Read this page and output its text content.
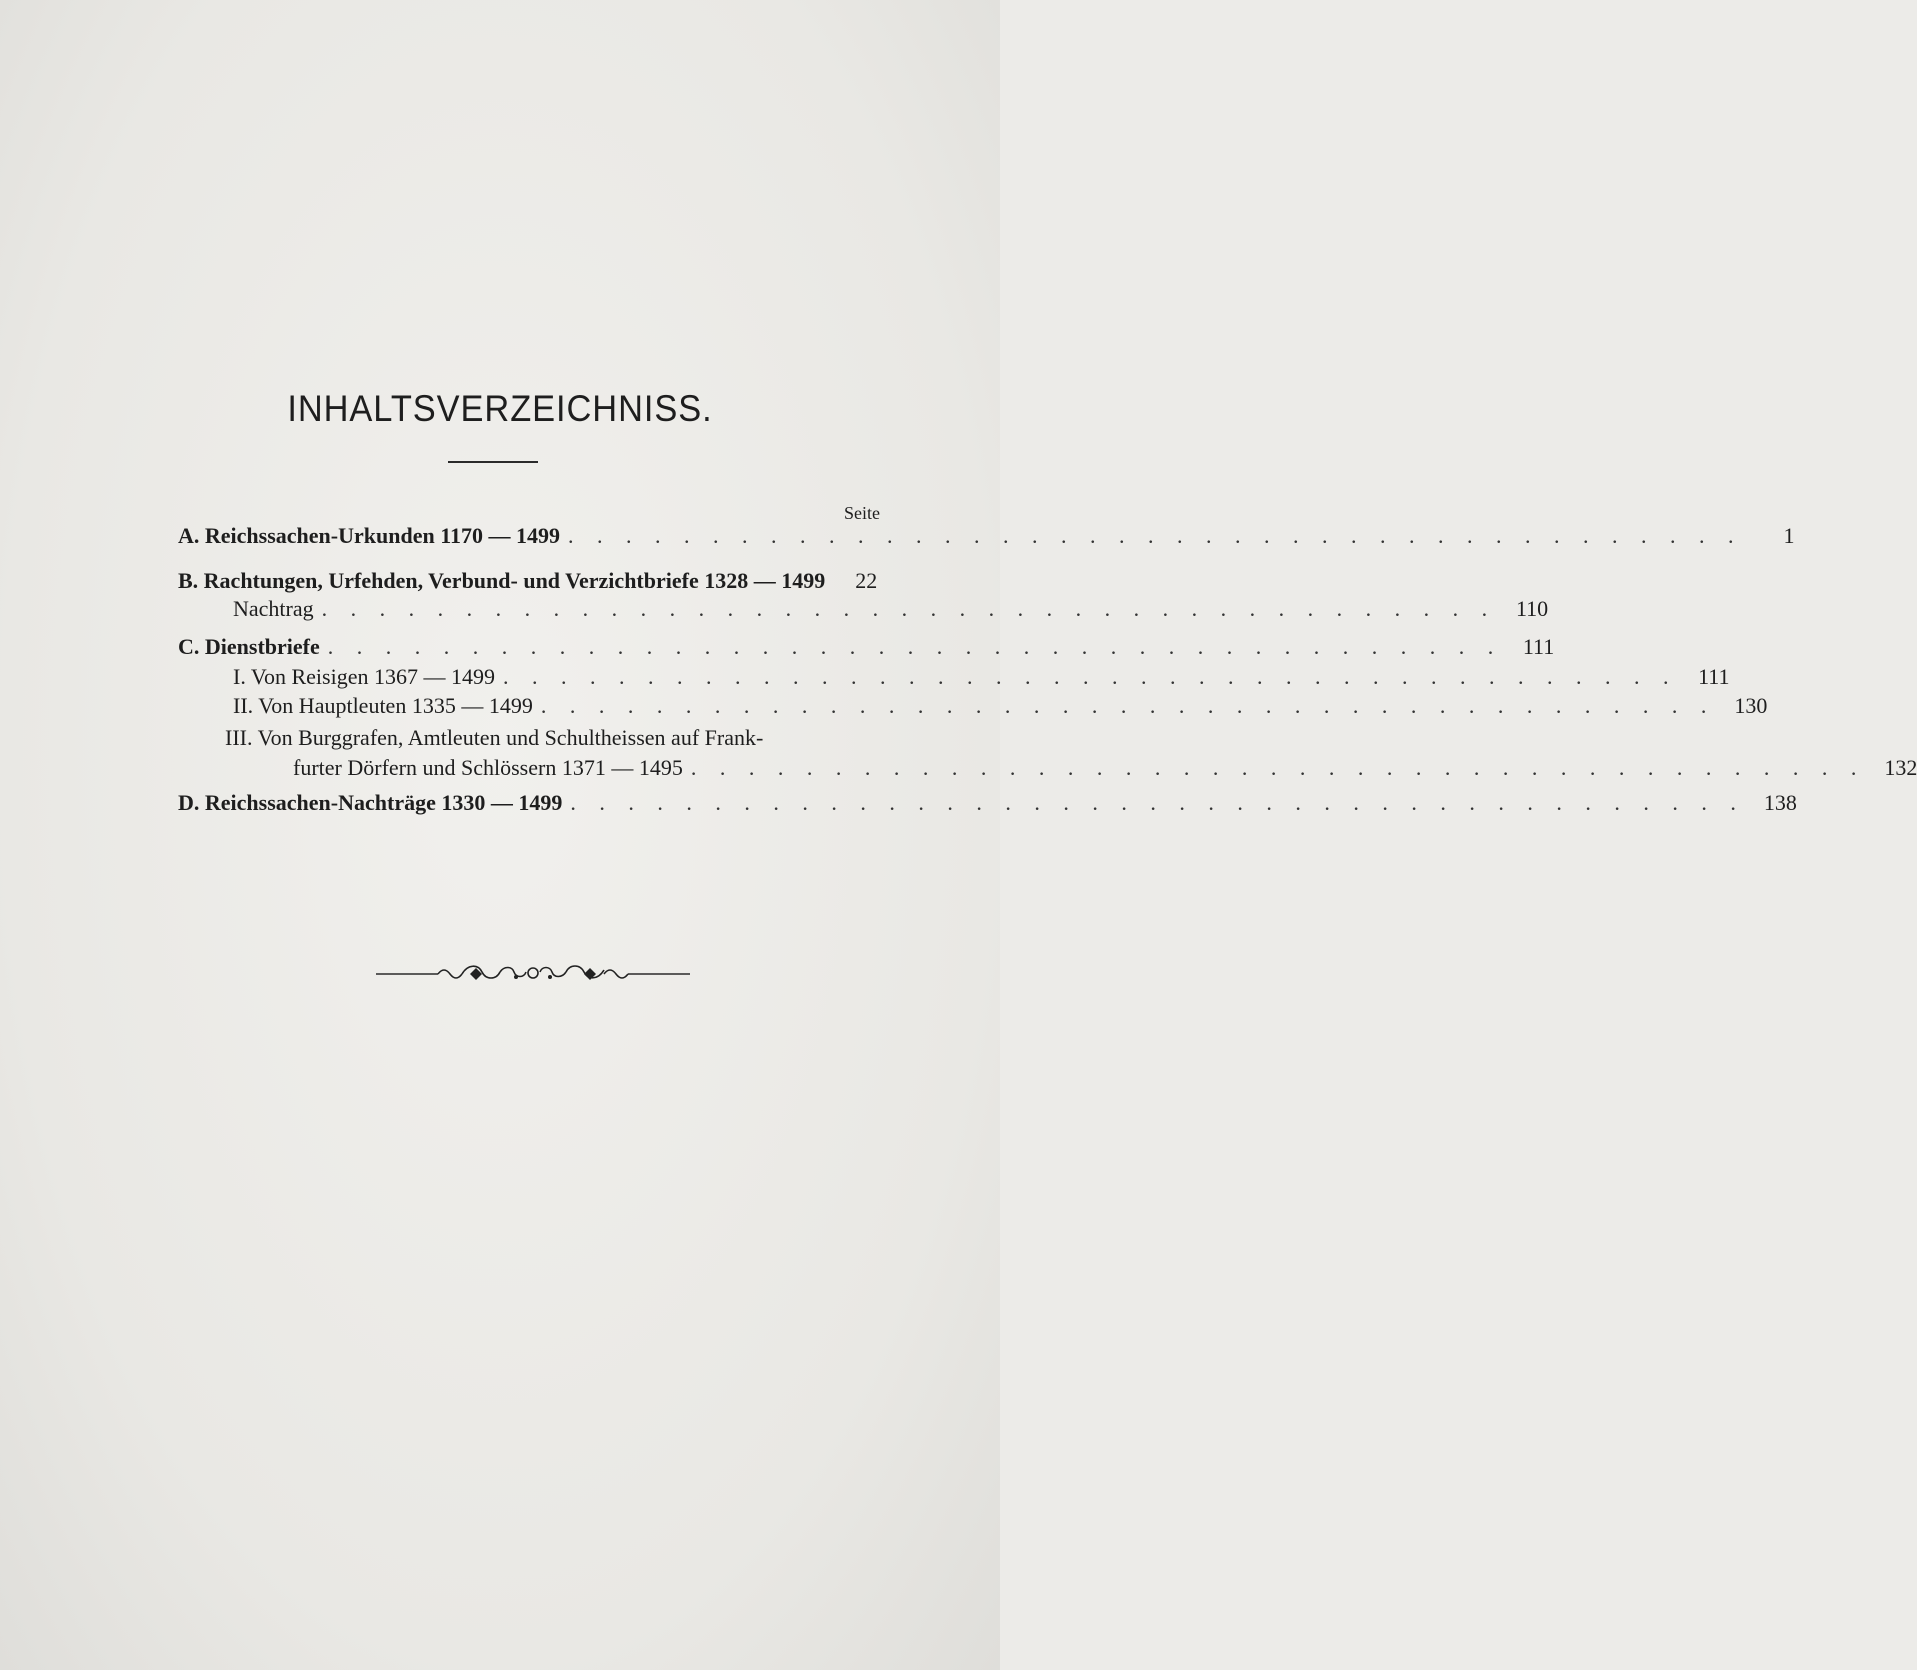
INHALTSVERZEICHNISS.
Seite
A. Reichssachen-Urkunden 1170 — 1499 . . . . . . . . . . . . . . . . . . . . . . . . . . . . . . . . . . . . . . . . .	1
B. Rachtungen, Urfehden, Verbund- und Verzichtbriefe 1328 — 1499	22
Nachtrag . . . . . . . . . . . . . . . . . . . . . . . . . . . . . . . . . . . . . . . . . 110
C. Dienstbriefe . . . . . . . . . . . . . . . . . . . . . . . . . . . . . . . . . . . . . . . . . 111
I. Von Reisigen 1367 — 1499 . . . . . . . . . . . . . . . . . . . . . . . . . . . . . . . . . . . . . . . . . 111
II. Von Hauptleuten 1335 — 1499 . . . . . . . . . . . . . . . . . . . . . . . . . . . . . . . . . . . . . . . . . 130
III. Von Burggrafen, Amtleuten und Schultheissen auf Frank-
furter Dörfern und Schlössern 1371 — 1495 . . . . . . . . . . . . . . . . . . . . . . . . . . . . . . . . . . . . . . . . . 132
D. Reichssachen-Nachträge 1330 — 1499 . . . . . . . . . . . . . . . . . . . . . . . . . . . . . . . . . . . . . . . . . 138
